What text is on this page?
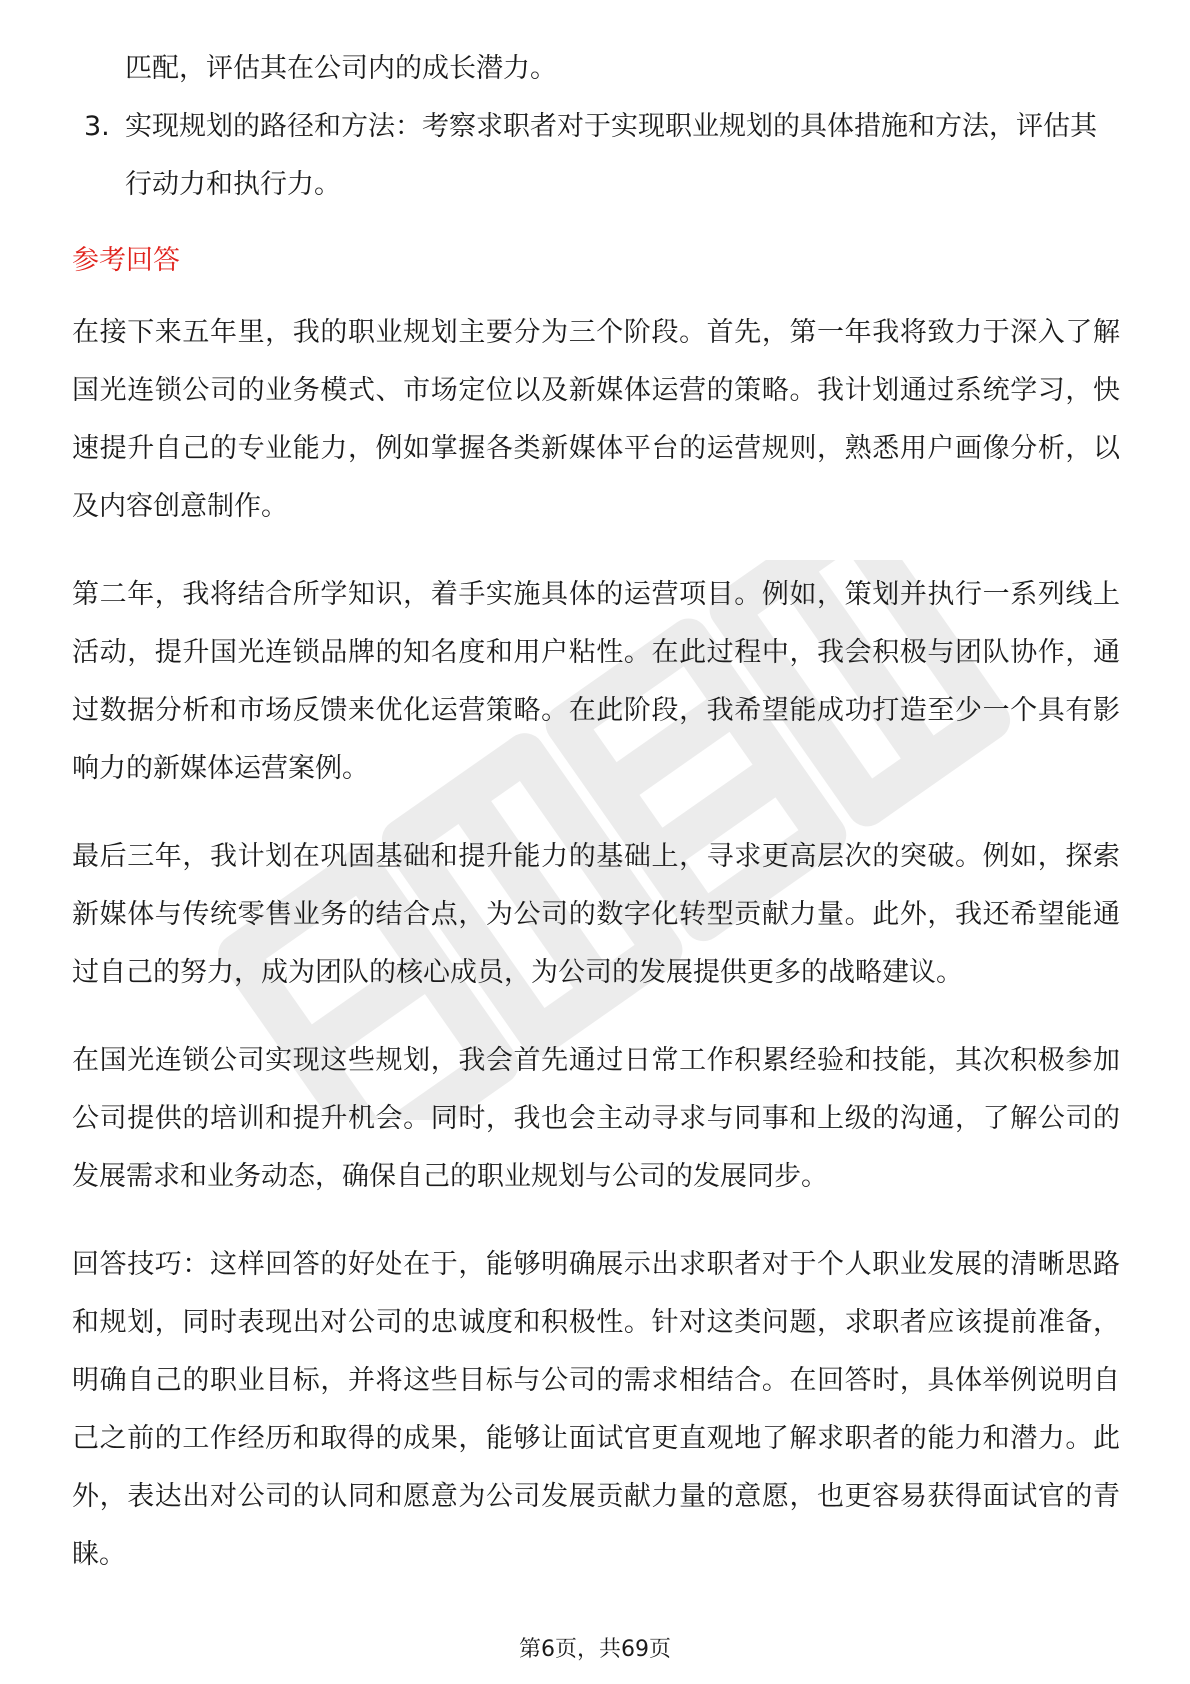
匹配，评估其在公司内的成长潜力。

3. 实现规划的路径和方法：考察求职者对于实现职业规划的具体措施和方法，评估其行动力和执行力。
参考回答

在接下来五年里，我的职业规划主要分为三个阶段。首先，第一年我将致力于深入了解国光连锁公司的业务模式、市场定位以及新媒体运营的策略。我计划通过系统学习，快速提升自己的专业能力，例如掌握各类新媒体平台的运营规则，熟悉用户画像分析，以及内容创意制作。

第二年，我将结合所学知识，着手实施具体的运营项目。例如，策划并执行一系列线上活动，提升国光连锁品牌的知名度和用户粘性。在此过程中，我会积极与团队协作，通过数据分析和市场反馈来优化运营策略。在此阶段，我希望能成功打造至少一个具有影响力的新媒体运营案例。

最后三年，我计划在巩固基础和提升能力的基础上，寻求更高层次的突破。例如，探索新媒体与传统零售业务的结合点，为公司的数字化转型贡献力量。此外，我还希望能通过自己的努力，成为团队的核心成员，为公司的发展提供更多的战略建议。

在国光连锁公司实现这些规划，我会首先通过日常工作积累经验和技能，其次积极参加公司提供的培训和提升机会。同时，我也会主动寻求与同事和上级的沟通，了解公司的发展需求和业务动态，确保自己的职业规划与公司的发展同步。

回答技巧：这样回答的好处在于，能够明确展示出求职者对于个人职业发展的清晰思路和规划，同时表现出对公司的忠诚度和积极性。针对这类问题，求职者应该提前准备，明确自己的职业目标，并将这些目标与公司的需求相结合。在回答时，具体举例说明自己之前的工作经历和取得的成果，能够让面试官更直观地了解求职者的能力和潜力。此外，表达出对公司的认同和愿意为公司发展贡献力量的意愿，也更容易获得面试官的青睐。

第6页，共69页
